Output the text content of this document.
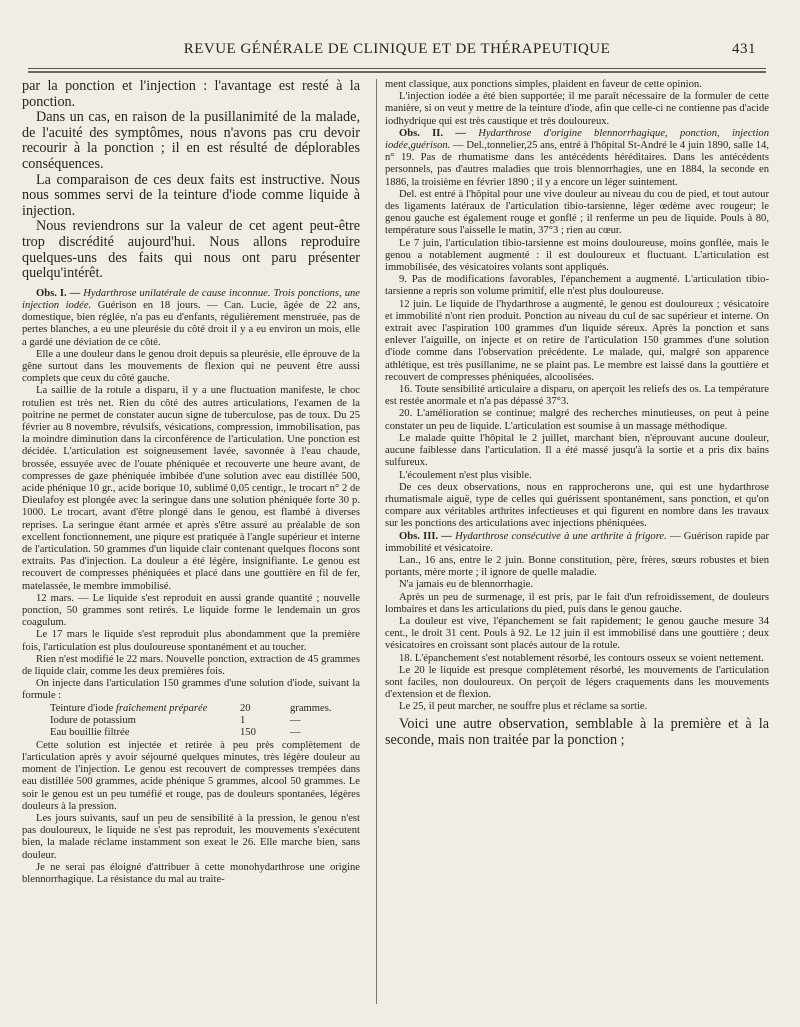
REVUE GÉNÉRALE DE CLINIQUE ET DE THÉRAPEUTIQUE	431

par la ponction et l'injection : l'avantage est resté à la ponction.

Dans un cas, en raison de la pusillanimité de la malade, de l'acuité des symptômes, nous n'avons pas cru devoir recourir à la ponction ; il en est résulté de déplorables conséquences.

La comparaison de ces deux faits est instructive. Nous nous sommes servi de la teinture d'iode comme liquide à injection.

Nous reviendrons sur la valeur de cet agent peut-être trop discrédité aujourd'hui. Nous allons reproduire quelques-uns des faits qui nous ont paru présenter quelqu'intérêt.

Obs. I. — Hydarthrose unilatérale de cause inconnue. Trois ponctions, une injection iodée. Guérison en 18 jours. — Can. Lucie, âgée de 22 ans, domestique, bien réglée, n'a pas eu d'enfants, régulièrement menstruée, pas de pertes blanches, a eu une pleurésie du côté droit il y a eu environ un mois, elle a gardé une déviation de ce côté.

Elle a une douleur dans le genou droit depuis sa pleurésie, elle éprouve de la gêne surtout dans les mouvements de flexion qui ne peuvent être aussi complets que ceux du côté gauche.

La saillie de la rotule a disparu, il y a une fluctuation manifeste, le choc rotulien est très net. Rien du côté des autres articulations, l'examen de la poitrine ne permet de constater aucun signe de tuberculose, pas de toux. Du 25 février au 8 novembre, révulsifs, vésications, compression, immobilisation, pas la moindre diminution dans la circonférence de l'articulation. Une ponction est décidée. L'articulation est soigneusement lavée, savonnée à l'eau chaude, brossée, essuyée avec de l'ouate phéniquée et recouverte une heure avant, de compresses de gaze phéniquée imbibée d'une solution avec eau distillée 500, acide phénique 10 gr., acide borique 10, sublimé 0,05 centigr., le trocart n° 2 de Dieulafoy est plongée avec la seringue dans une solution phéniquée forte 30 p. 1000. Le trocart, avant d'être plongé dans le genou, est flambé à diverses reprises. La seringue étant armée et après s'être assuré au préalable de son excellent fonctionnement, une piqure est pratiquée à l'angle supérieur et interne de l'articulation. 50 grammes d'un liquide clair contenant quelques flocons sont extraits. Pas d'injection. La douleur a été légère, insignifiante. Le genou est recouvert de compresses phéniquées et placé dans une gouttière en fil de fer, matelassée, le membre immobilisé.

12 mars. — Le liquide s'est reproduit en aussi grande quantité ; nouvelle ponction, 50 grammes sont retirés. Le liquide forme le lendemain un gros coagulum.

Le 17 mars le liquide s'est reproduit plus abondamment que la première fois, l'articulation est plus douloureuse spontanément et au toucher.

Rien n'est modifié le 22 mars. Nouvelle ponction, extraction de 45 grammes de liquide clair, comme les deux premières fois.

On injecte dans l'articulation 150 grammes d'une solution d'iode, suivant la formule :

Teinture d'iode fraîchement préparée	20	grammes.
Iodure de potassium	1	—
Eau bouillie filtrée	150	—

Cette solution est injectée et retirée à peu près complètement de l'articulation après y avoir séjourné quelques minutes, très légère douleur au moment de l'injection. Le genou est recouvert de compresses trempées dans eau distillée 500 grammes, acide phénique 5 grammes, alcool 50 grammes. Le soir le genou est un peu tuméfié et rouge, pas de douleurs spontanées, légères douleurs à la pression.

Les jours suivants, sauf un peu de sensibilité à la pression, le genou n'est pas douloureux, le liquide ne s'est pas reproduit, les mouvements s'exécutent bien, la malade réclame instamment son exeat le 26. Elle marche bien, sans douleur.

Je ne serai pas éloigné d'attribuer à cette monohydarthrose une origine blennorrhagique. La résistance du mal au traite-

ment classique, aux ponctions simples, plaident en faveur de cette opinion.

L'injection iodée a été bien supportée; il me paraît nécessaire de la formuler de cette manière, si on veut y mettre de la teinture d'iode, afin que celle-ci ne contienne pas d'acide iodhydrique qui est très caustique et très douloureux.

Obs. II. — Hydarthrose d'origine blennorrhagique, ponction, injection iodée,guérison. — Del.,tonnelier,25 ans, entré à l'hôpital St-André le 4 juin 1890, salle 14, n° 19. Pas de rhumatisme dans les antécédents héréditaires. Dans les antécédents personnels, pas d'autres maladies que trois blennorrhagies, une en 1884, la seconde en 1886, la troisième en février 1890 ; il y a encore un léger suintement.

Del. est entré à l'hôpital pour une vive douleur au niveau du cou de pied, et tout autour des ligaments latéraux de l'articulation tibio-tarsienne, léger œdème avec rougeur; le genou gauche est également rouge et gonflé ; il renferme un peu de liquide. Pouls à 80, température sous l'aisselle le matin, 37°3 ; rien au cœur.

Le 7 juin, l'articulation tibio-tarsienne est moins douloureuse, moins gonflée, mais le genou a notablement augmenté : il est douloureux et fluctuant. L'articulation est immobilisée, des vésicatoires volants sont appliqués.

9. Pas de modifications favorables, l'épanchement a augmenté. L'articulation tibio-tarsienne a repris son volume primitif, elle n'est plus douloureuse.

12 juin. Le liquide de l'hydarthrose a augmenté, le genou est douloureux ; vésicatoire et immobilité n'ont rien produit. Ponction au niveau du cul de sac supérieur et interne. On extrait avec l'aspiration 100 grammes d'un liquide séreux. Après la ponction et sans enlever l'aiguille, on injecte et on retire de l'articulation 150 grammes d'une solution d'iode comme dans l'observation précédente. Le malade, qui, malgré son apparence athlétique, est très pusillanime, ne se plaint pas. Le membre est laissé dans la gouttière et recouvert de compresses phéniquées, alcoolisées.

16. Toute sensibilité articulaire a disparu, on aperçoit les reliefs des os. La température est restée anormale et n'a pas dépassé 37°3.

20. L'amélioration se continue; malgré des recherches minutieuses, on peut à peine constater un peu de liquide. L'articulation est soumise à un massage méthodique.

Le malade quitte l'hôpital le 2 juillet, marchant bien, n'éprouvant aucune douleur, aucune faiblesse dans l'articulation. Il a été massé jusqu'à la sortie et a pris dix bains sulfureux.

L'écoulement n'est plus visible.

De ces deux observations, nous en rapprocherons une, qui est une hydarthrose rhumatismale aiguë, type de celles qui guérissent spontanément, sans ponction, et qu'on compare aux véritables arthrites infectieuses et qui figurent en nombre dans les travaux sur les ponctions des articulations avec injections phéniquées.

Obs. III. — Hydarthrose consécutive à une arthrite à frigore. — Guérison rapide par immobilité et vésicatoire.

Lan., 16 ans, entre le 2 juin. Bonne constitution, père, frères, sœurs robustes et bien portants, mère morte ; il ignore de quelle maladie.

N'a jamais eu de blennorrhagie.

Après un peu de surmenage, il est pris, par le fait d'un refroidissement, de douleurs lombaires et dans les articulations du pied, puis dans le genou gauche.

La douleur est vive, l'épanchement se fait rapidement; le genou gauche mesure 34 cent., le droit 31 cent. Pouls à 92. Le 12 juin il est immobilisé dans une gouttière ; deux vésicatoires en croissant sont placés autour de la rotule.

18. L'épanchement s'est notablement résorbé, les contours osseux se voient nettement.

Le 20 le liquide est presque complètement résorbé, les mouvements de l'articulation sont faciles, non douloureux. On perçoit de légers craquements dans les mouvements d'extension et de flexion.

Le 25, il peut marcher, ne souffre plus et réclame sa sortie.

Voici une autre observation, semblable à la première et à la seconde, mais non traitée par la ponction ;
